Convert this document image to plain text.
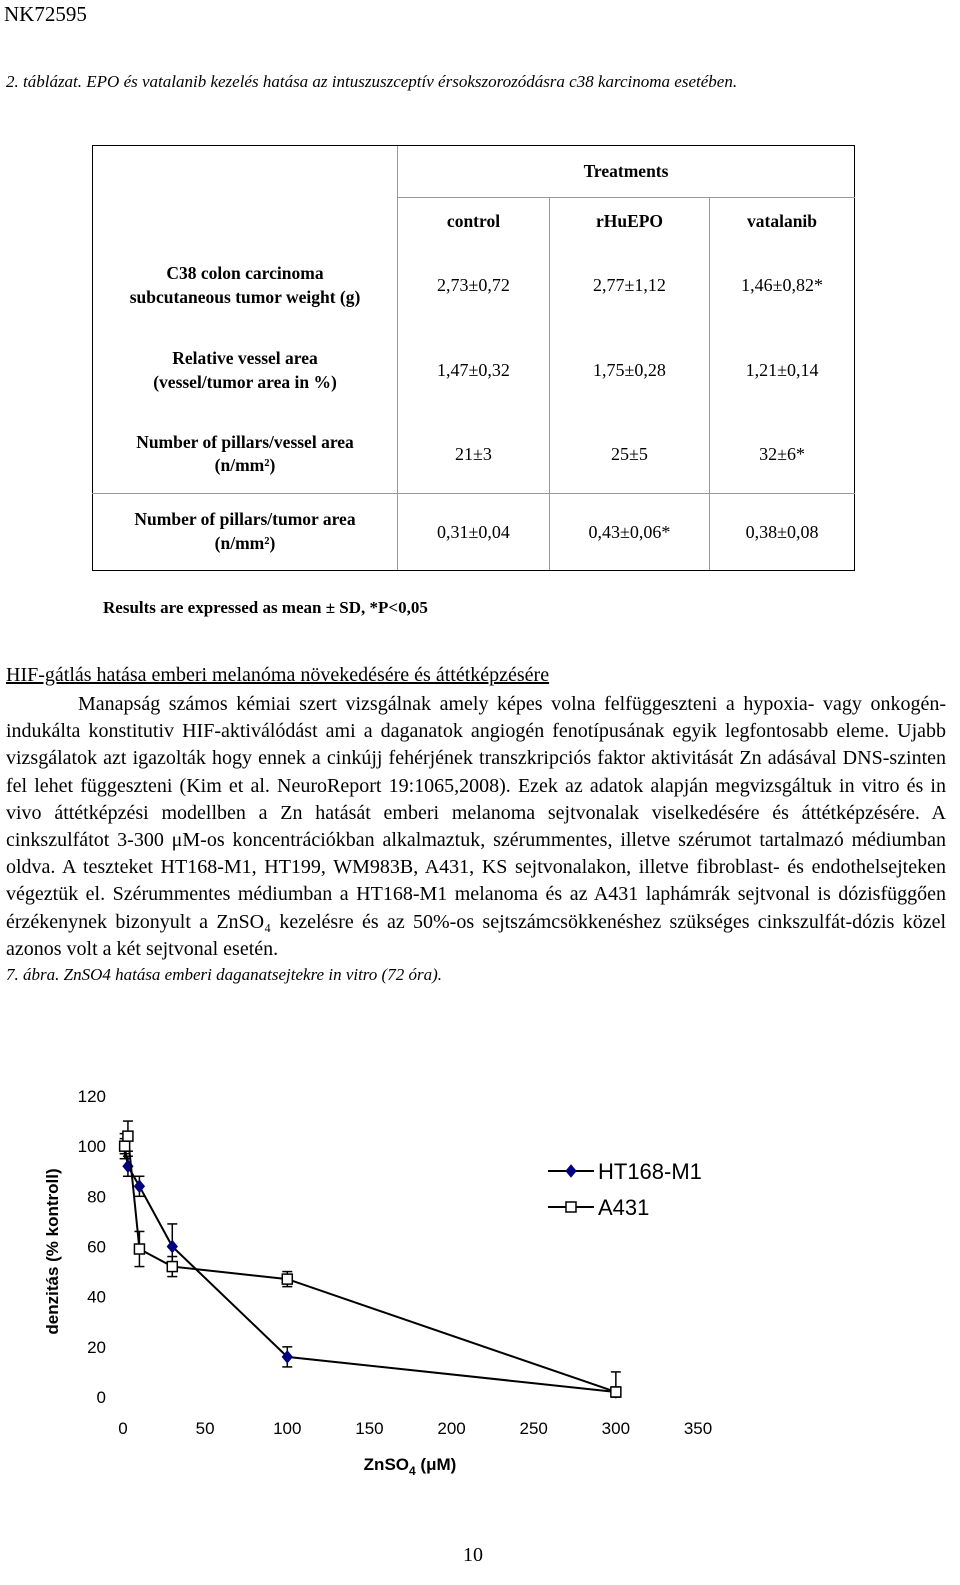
NK72595
2. táblázat. EPO és vatalanib kezelés hatása az intuszuszceptív érsokszorozódásra c38 karcinoma esetében.
	Treatments		
	control	rHuEPO	vatalanib
C38 colon carcinoma
subcutaneous tumor weight (g)	2,73±0,72	2,77±1,12	1,46±0,82*
Relative vessel area
(vessel/tumor area in %)	1,47±0,32	1,75±0,28	1,21±0,14
Number of pillars/vessel area
(n/mm²)	21±3	25±5	32±6*
Number of pillars/tumor area
(n/mm²)	0,31±0,04	0,43±0,06*	0,38±0,08
Results are expressed as mean ± SD, *P<0,05
HIF-gátlás hatása emberi melanóma növekedésére és áttétképzésére
Manapság számos kémiai szert vizsgálnak amely képes volna felfüggeszteni a hypoxia- vagy onkogén-indukálta konstitutiv HIF-aktiválódást ami a daganatok angiogén fenotípusának egyik legfontosabb eleme. Ujabb vizsgálatok azt igazolták hogy ennek a cinkújj fehérjének transzkripciós faktor aktivitását Zn adásával DNS-szinten fel lehet függeszteni (Kim et al. NeuroReport 19:1065,2008). Ezek az adatok alapján megvizsgáltuk in vitro és in vivo áttétképzési modellben a Zn hatását emberi melanoma sejtvonalak viselkedésére és áttétképzésére. A cinkszulfátot 3-300 μM-os koncentrációkban alkalmaztuk, szérummentes, illetve szérumot tartalmazó médiumban oldva. A teszteket HT168-M1, HT199, WM983B, A431, KS sejtvonalakon, illetve fibroblast- és endothelsejteken végeztük el. Szérummentes médiumban a HT168-M1 melanoma és az A431 laphámrák sejtvonal is dózisfüggően érzékenynek bizonyult a ZnSO₄ kezelésre és az 50%-os sejtszámcsökkenéshez szükséges cinkszulfát-dózis közel azonos volt a két sejtvonal esetén.
7. ábra. ZnSO4 hatása emberi daganatsejtekre in vitro (72 óra).
0
20
40
60
80
100
120
0	50	100	150	200	250	300	350
denzitás (% kontroll)
ZnSO$_4$ (μM)
HT168-M1
A431
10
